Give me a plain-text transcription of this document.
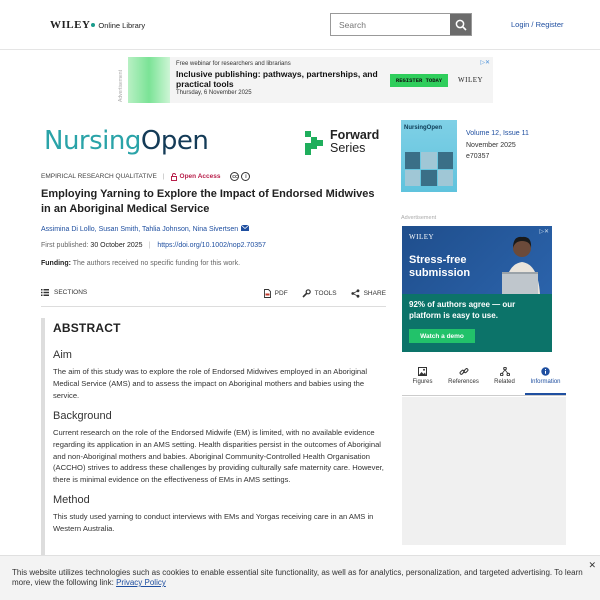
WILEY Online Library
Search	Login / Register
Advertisement
Free webinar for researchers and librarians
Inclusive publishing: pathways, partnerships, and practical tools
Thursday, 6 November 2025
REGISTER TODAY	WILEY
▷✕
NursingOpen	Forward
Series
EMPIRICAL RESEARCH QUALITATIVE | Open Access	cc	i
Employing Yarning to Explore the Impact of Endorsed Midwives in an Aboriginal Medical Service
Assimina Di Lollo, Susan Smith, Tahlia Johnson, Nina Sivertsen
First published: 30 October 2025 | https://doi.org/10.1002/nop2.70357
Funding: The authors received no specific funding for this work.
SECTIONS	PDF	TOOLS	SHARE
ABSTRACT
Aim

The aim of this study was to explore the role of Endorsed Midwives employed in an Aboriginal Medical Service (AMS) and to assess the impact on Aboriginal mothers and babies using the service.

Background

Current research on the role of the Endorsed Midwife (EM) is limited, with no available evidence regarding its application in an AMS setting. Health disparities persist in the outcomes of Aboriginal and non-Aboriginal mothers and babies. Aboriginal Community-Controlled Health Organisation (ACCHO) strives to address these challenges by providing culturally safe maternity care. However, there is minimal evidence on the effectiveness of EMs in AMS settings.

Method

This study used yarning to conduct interviews with EMs and Yorgas receiving care in an AMS in Western Australia.

NursingOpen
Volume 12, Issue 11
November 2025
e70357
Advertisement
WILEY
Stress-free submission
92% of authors agree — our platform is easy to use.
Watch a demo
▷✕
Figures	References	Related	Information
This website utilizes technologies such as cookies to enable essential site functionality, as well as for analytics, personalization, and targeted advertising. To learn more, view the following link: Privacy Policy
✕
